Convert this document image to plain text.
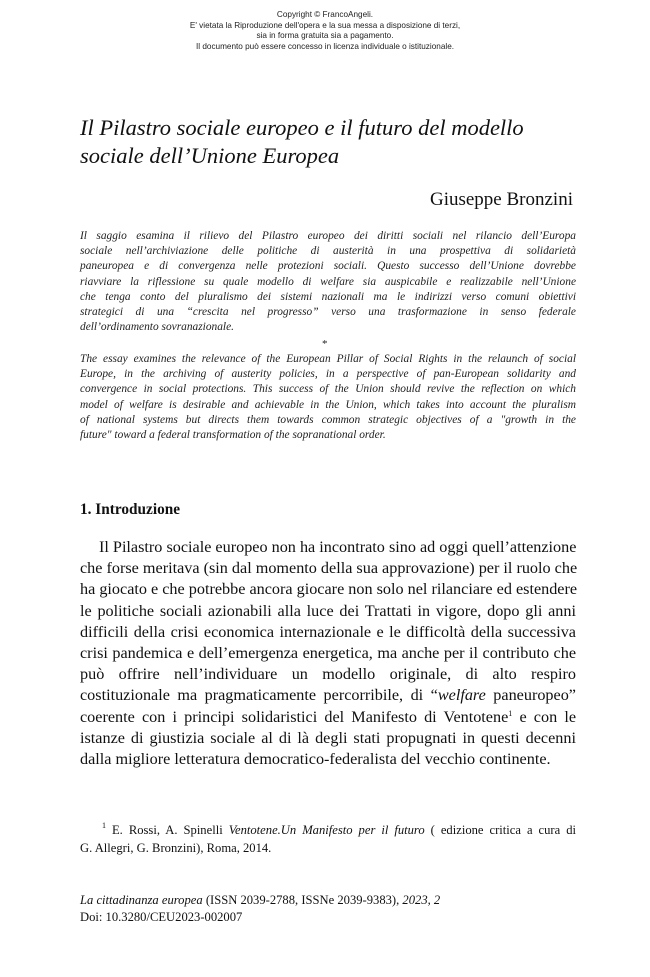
Copyright © FrancoAngeli.
E' vietata la Riproduzione dell'opera e la sua messa a disposizione di terzi,
sia in forma gratuita sia a pagamento.
Il documento può essere concesso in licenza individuale o istituzionale.
Il Pilastro sociale europeo e il futuro del modello
sociale dell’Unione Europea
Giuseppe Bronzini
Il saggio esamina il rilievo del Pilastro europeo dei diritti sociali nel rilancio dell’Europa
sociale nell’archiviazione delle politiche di austerità in una prospettiva di solidarietà
paneuropea e di convergenza nelle protezioni sociali. Questo successo dell’Unione dovrebbe
riavviare la riflessione su quale modello di welfare sia auspicabile e realizzabile nell’Unione
che tenga conto del pluralismo dei sistemi nazionali ma le indirizzi verso comuni obiettivi
strategici di una “crescita nel progresso” verso una trasformazione in senso federale
dell’ordinamento sovranazionale.
*
The essay examines the relevance of the European Pillar of Social Rights in the relaunch of social
Europe, in the archiving of austerity policies, in a perspective of pan-European solidarity and
convergence in social protections. This success of the Union should revive the reflection on which
model of welfare is desirable and achievable in the Union, which takes into account the pluralism
of national systems but directs them towards common strategic objectives of a "growth in the
future" toward a federal transformation of the sopranational order.
1. Introduzione
Il Pilastro sociale europeo non ha incontrato sino ad oggi quell’attenzione
che forse meritava (sin dal momento della sua approvazione) per il ruolo che
ha giocato e che potrebbe ancora giocare non solo nel rilanciare ed estendere
le politiche sociali azionabili alla luce dei Trattati in vigore, dopo gli anni
difficili della crisi economica internazionale e le difficoltà della successiva
crisi pandemica e dell’emergenza energetica, ma anche per il contributo che
può offrire nell’individuare un modello originale, di alto respiro
costituzionale ma pragmaticamente percorribile, di “welfare paneuropeo”
coerente con i principi solidaristici del Manifesto di Ventotene$^1$ e con le
istanze di giustizia sociale al di là degli stati propugnati in questi decenni
dalla migliore letteratura democratico-federalista del vecchio continente.
$^1$ E. Rossi, A. Spinelli Ventotene.Un Manifesto per il futuro ( edizione critica a cura di
G. Allegri, G. Bronzini), Roma, 2014.
La cittadinanza europea (ISSN 2039-2788, ISSNe 2039-9383), 2023, 2
Doi: 10.3280/CEU2023-002007
